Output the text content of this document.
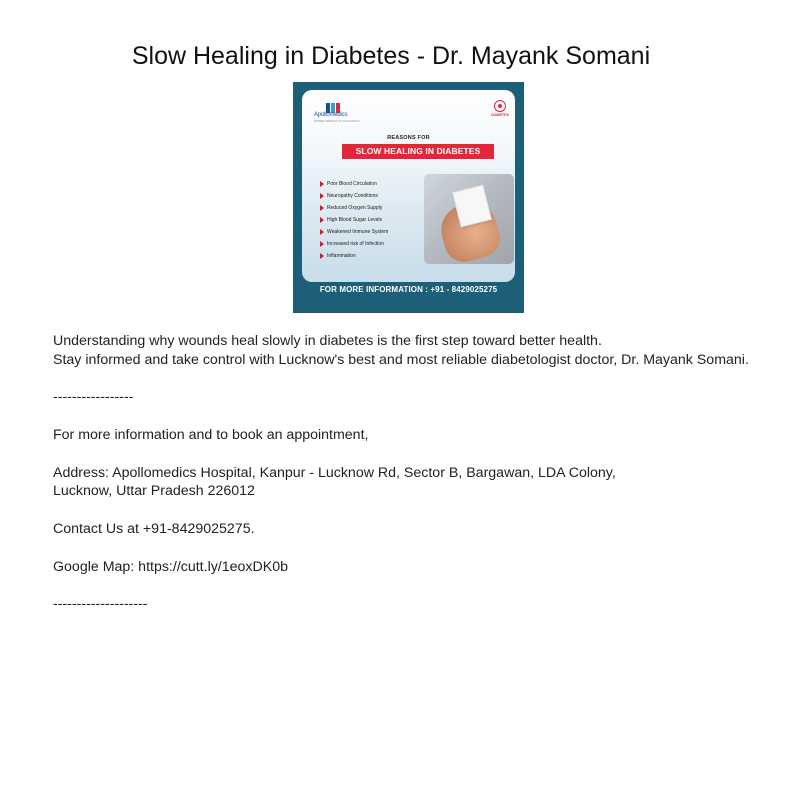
Slow Healing in Diabetes - Dr. Mayank Somani
Apollomedics
SUPER SPECIALITY HOSPITALS
DIABETES
REASONS FOR
SLOW HEALING IN DIABETES
Poor Blood Circulation
Neuropathy Conditions
Reduced Oxygen Supply
High Blood Sugar Levels
Weakened Immune System
Increased risk of Infection
Inflammation
FOR MORE INFORMATION : +91 - 8429025275

Understanding why wounds heal slowly in diabetes is the first step toward better health.

Stay informed and take control with Lucknow's best and most reliable diabetologist doctor, Dr. Mayank Somani.

-----------------

For more information and to book an appointment,

Address: Apollomedics Hospital, Kanpur - Lucknow Rd, Sector B, Bargawan, LDA Colony,

Lucknow, Uttar Pradesh 226012

Contact Us at +91-8429025275.

Google Map: https://cutt.ly/1eoxDK0b

--------------------
